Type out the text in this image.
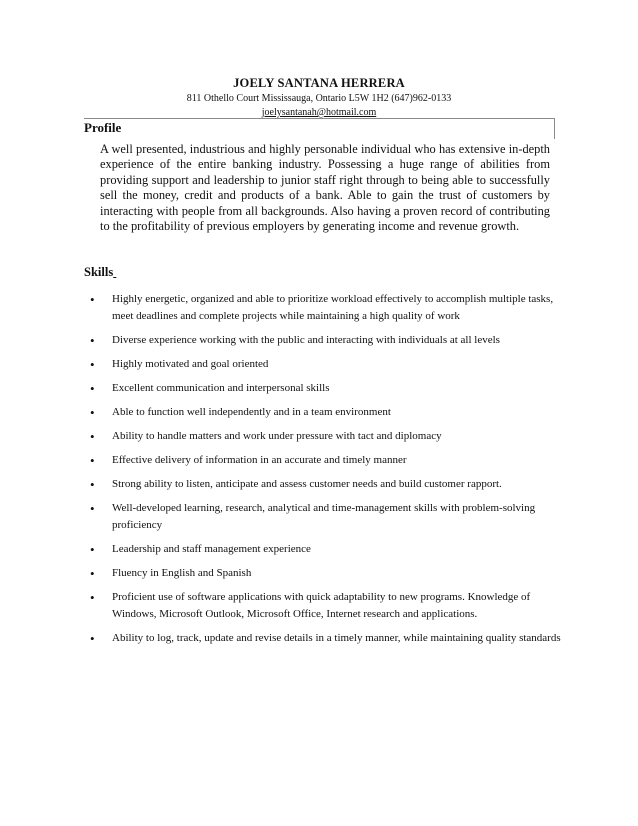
JOELY SANTANA HERRERA
811 Othello Court Mississauga, Ontario L5W 1H2 (647)962-0133
joelysantanah@hotmail.com
Profile
A well presented, industrious and highly personable individual who has extensive in-depth experience of the entire banking industry. Possessing a huge range of abilities from providing support and leadership to junior staff right through to being able to successfully sell the money, credit and products of a bank. Able to gain the trust of customers by interacting with people from all backgrounds. Also having a proven record of contributing to the profitability of previous employers by generating income and revenue growth.
Skills
• Highly energetic, organized and able to prioritize workload effectively to accomplish multiple tasks, meet deadlines and complete projects while maintaining a high quality of work
• Diverse experience working with the public and interacting with individuals at all levels
• Highly motivated and goal oriented
• Excellent communication and interpersonal skills
• Able to function well independently and in a team environment
• Ability to handle matters and work under pressure with tact and diplomacy
• Effective delivery of information in an accurate and timely manner
• Strong ability to listen, anticipate and assess customer needs and build customer rapport.
• Well-developed learning, research, analytical and time-management skills with problem-solving proficiency
• Leadership and staff management experience
• Fluency in English and Spanish
• Proficient use of software applications with quick adaptability to new programs. Knowledge of Windows, Microsoft Outlook, Microsoft Office, Internet research and applications.
• Ability to log, track, update and revise details in a timely manner, while maintaining quality standards
